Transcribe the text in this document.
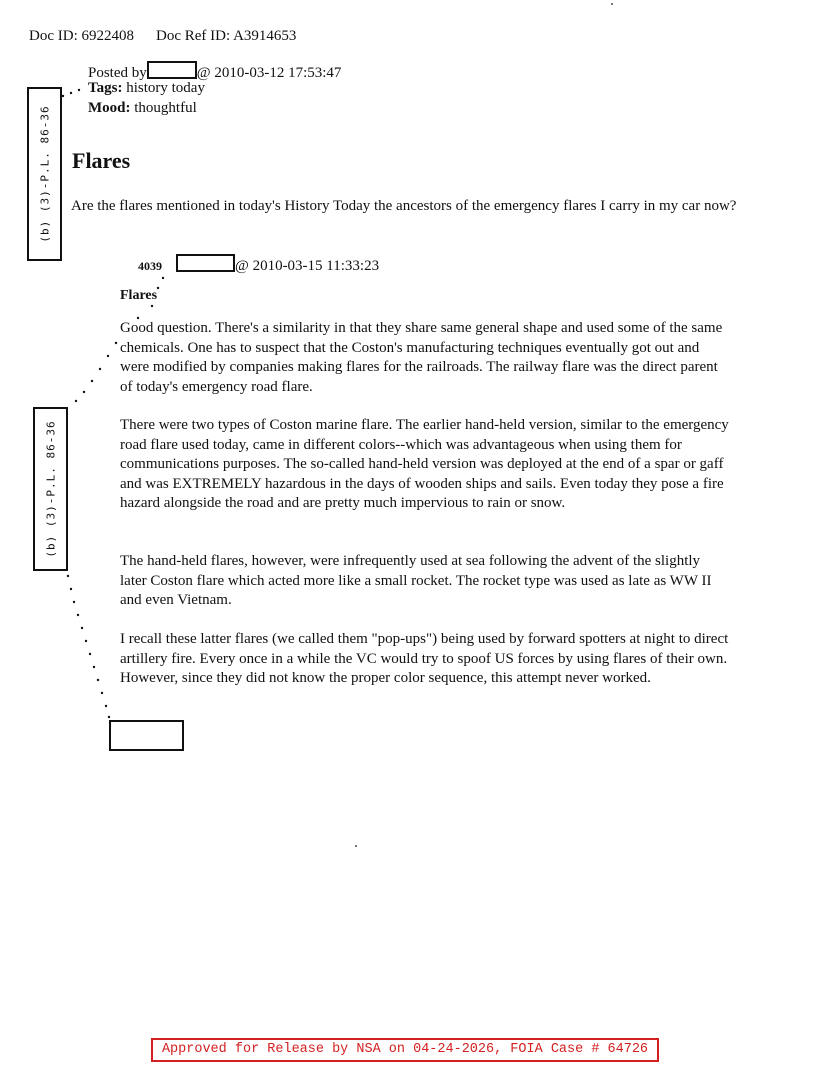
Doc ID: 6922408 Doc Ref ID: A3914653
Posted by	@ 2010-03-12 17:53:47
Tags: history today
Mood: thoughtful
Flares
Are the flares mentioned in today's History Today the ancestors of the emergency flares I carry in my car now?
4039	@ 2010-03-15 11:33:23
Flares
Good question. There's a similarity in that they share same general shape and used some of the same chemicals. One has to suspect that the Coston's manufacturing techniques eventually got out and were modified by companies making flares for the railroads. The railway flare was the direct parent of today's emergency road flare.
There were two types of Coston marine flare. The earlier hand-held version, similar to the emergency road flare used today, came in different colors--which was advantageous when using them for communications purposes. The so-called hand-held version was deployed at the end of a spar or gaff and was EXTREMELY hazardous in the days of wooden ships and sails. Even today they pose a fire hazard alongside the road and are pretty much impervious to rain or snow.
The hand-held flares, however, were infrequently used at sea following the advent of the slightly later Coston flare which acted more like a small rocket. The rocket type was used as late as WW II and even Vietnam.
I recall these latter flares (we called them "pop-ups") being used by forward spotters at night to direct artillery fire. Every once in a while the VC would try to spoof US forces by using flares of their own. However, since they did not know the proper color sequence, this attempt never worked.
(b) (3)-P.L. 86-36
(b) (3)-P.L. 86-36
Approved for Release by NSA on 04-24-2026, FOIA Case # 64726
